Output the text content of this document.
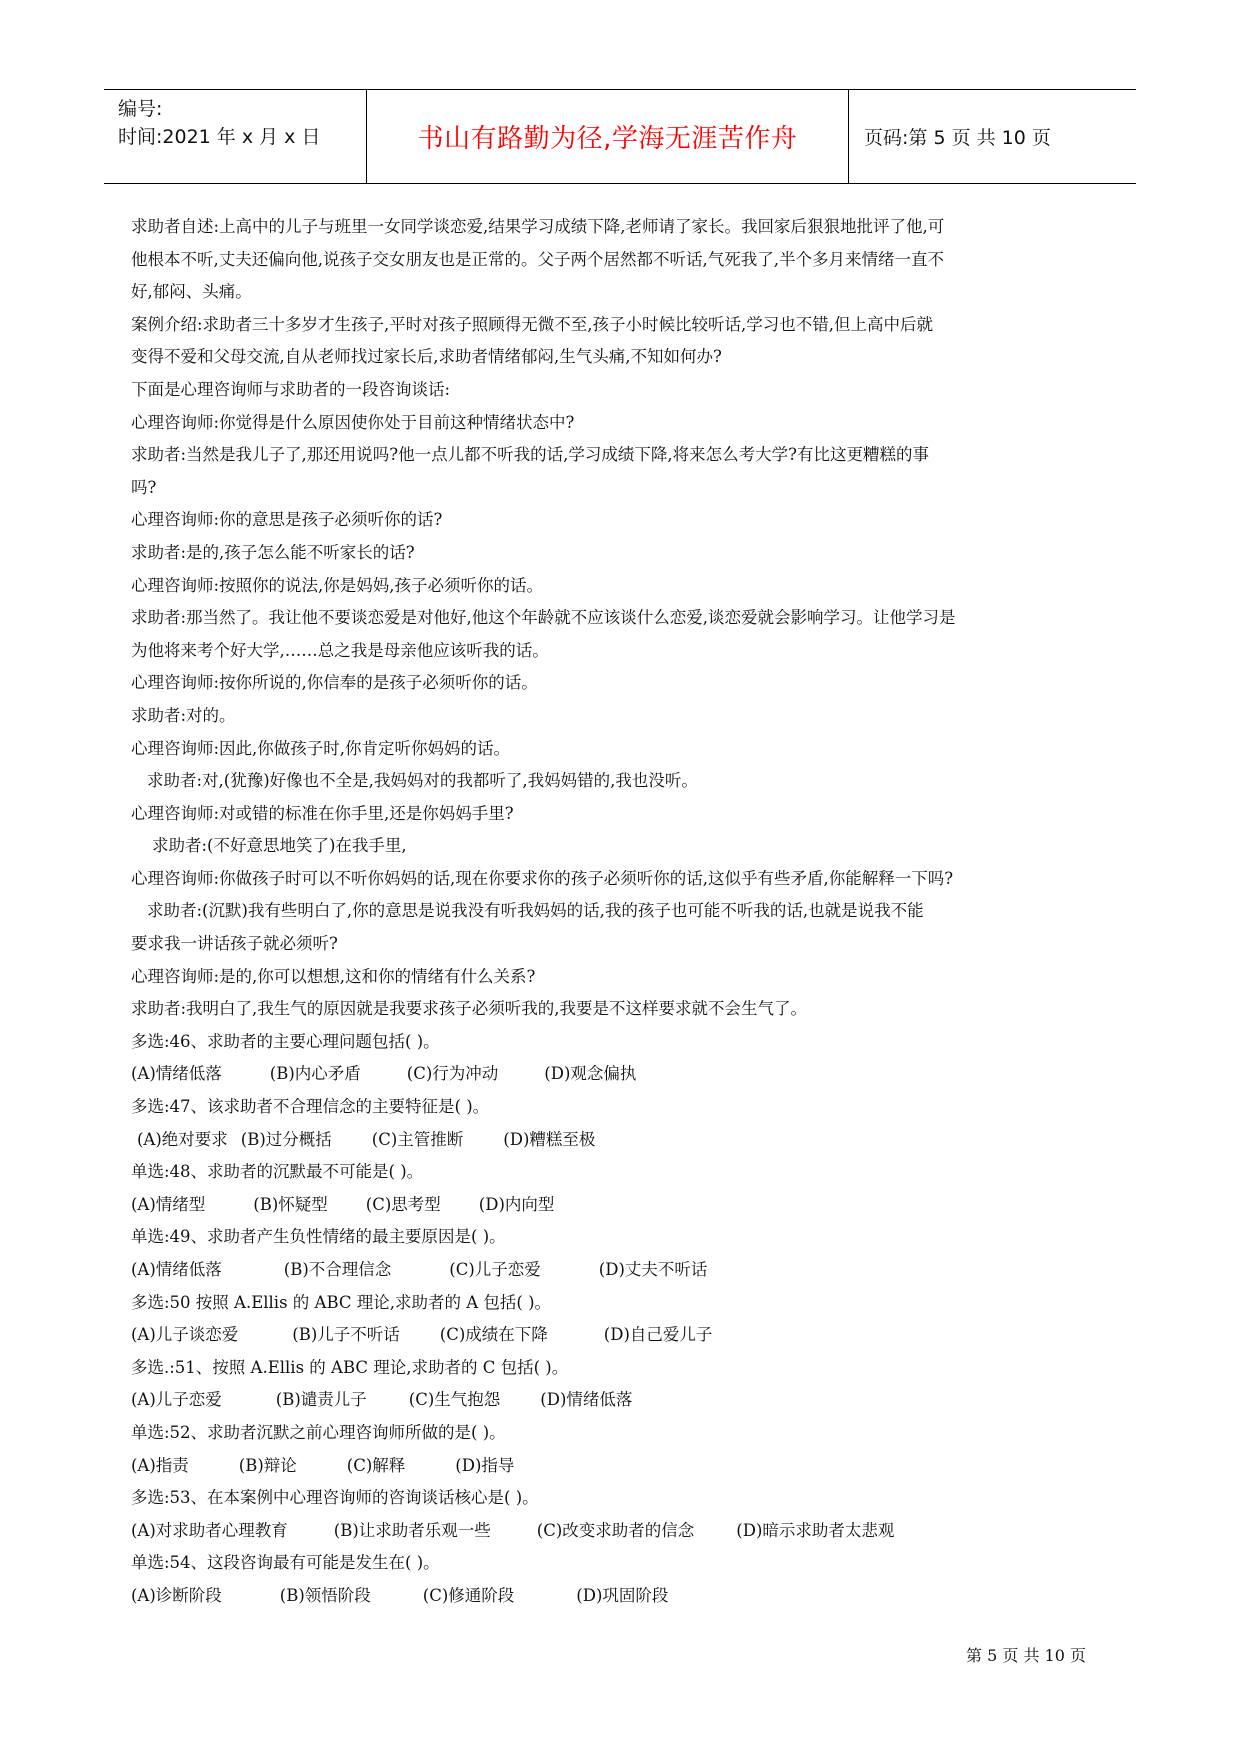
编号:
时间:2021 年 x 月 x 日	书山有路勤为径,学海无涯苦作舟	页码:第 5 页 共 10 页
求助者自述:上高中的儿子与班里一女同学谈恋爱,结果学习成绩下降,老师请了家长。我回家后狠狠地批评了他,可
他根本不听,丈夫还偏向他,说孩子交女朋友也是正常的。父子两个居然都不听话,气死我了,半个多月来情绪一直不
好,郁闷、头痛。
案例介绍:求助者三十多岁才生孩子,平时对孩子照顾得无微不至,孩子小时候比较听话,学习也不错,但上高中后就
变得不爱和父母交流,自从老师找过家长后,求助者情绪郁闷,生气头痛,不知如何办?
下面是心理咨询师与求助者的一段咨询谈话:
心理咨询师:你觉得是什么原因使你处于目前这种情绪状态中?
求助者:当然是我儿子了,那还用说吗?他一点儿都不听我的话,学习成绩下降,将来怎么考大学?有比这更糟糕的事
吗?
心理咨询师:你的意思是孩子必须听你的话?
求助者:是的,孩子怎么能不听家长的话?
心理咨询师:按照你的说法,你是妈妈,孩子必须听你的话。
求助者:那当然了。我让他不要谈恋爱是对他好,他这个年龄就不应该谈什么恋爱,谈恋爱就会影响学习。让他学习是
为他将来考个好大学,……总之我是母亲他应该听我的话。
心理咨询师:按你所说的,你信奉的是孩子必须听你的话。
求助者:对的。
心理咨询师:因此,你做孩子时,你肯定听你妈妈的话。
求助者:对,(犹豫)好像也不全是,我妈妈对的我都听了,我妈妈错的,我也没听。
心理咨询师:对或错的标准在你手里,还是你妈妈手里?
求助者:(不好意思地笑了)在我手里,
心理咨询师:你做孩子时可以不听你妈妈的话,现在你要求你的孩子必须听你的话,这似乎有些矛盾,你能解释一下吗?
求助者:(沉默)我有些明白了,你的意思是说我没有听我妈妈的话,我的孩子也可能不听我的话,也就是说我不能
要求我一讲话孩子就必须听?
心理咨询师:是的,你可以想想,这和你的情绪有什么关系?
求助者:我明白了,我生气的原因就是我要求孩子必须听我的,我要是不这样要求就不会生气了。
多选:46、求助者的主要心理问题包括( )。
(A)情绪低落	(B)内心矛盾	(C)行为冲动	(D)观念偏执
多选:47、该求助者不合理信念的主要特征是( )。
(A)绝对要求 (B)过分概括 (C)主管推断 (D)糟糕至极
单选:48、求助者的沉默最不可能是( )。
(A)情绪型	(B)怀疑型 (C)思考型 (D)内向型
单选:49、求助者产生负性情绪的最主要原因是( )。
(A)情绪低落	(B)不合理信念	(C)儿子恋爱	(D)丈夫不听话
多选:50 按照 A.Ellis 的 ABC 理论,求助者的 A 包括( )。
(A)儿子谈恋爱	(B)儿子不听话 (C)成绩在下降	(D)自己爱儿子
多选.:51、按照 A.Ellis 的 ABC 理论,求助者的 C 包括( )。
(A)儿子恋爱	(B)谴责儿子	(C)生气抱怨 (D)情绪低落
单选:52、求助者沉默之前心理咨询师所做的是( )。
(A)指责	(B)辩论	(C)解释	(D)指导
多选:53、在本案例中心理咨询师的咨询谈话核心是( )。
(A)对求助者心理教育	(B)让求助者乐观一些	(C)改变求助者的信念	(D)暗示求助者太悲观
单选:54、这段咨询最有可能是发生在( )。
(A)诊断阶段	(B)领悟阶段	(C)修通阶段	(D)巩固阶段
第 5 页 共 10 页
